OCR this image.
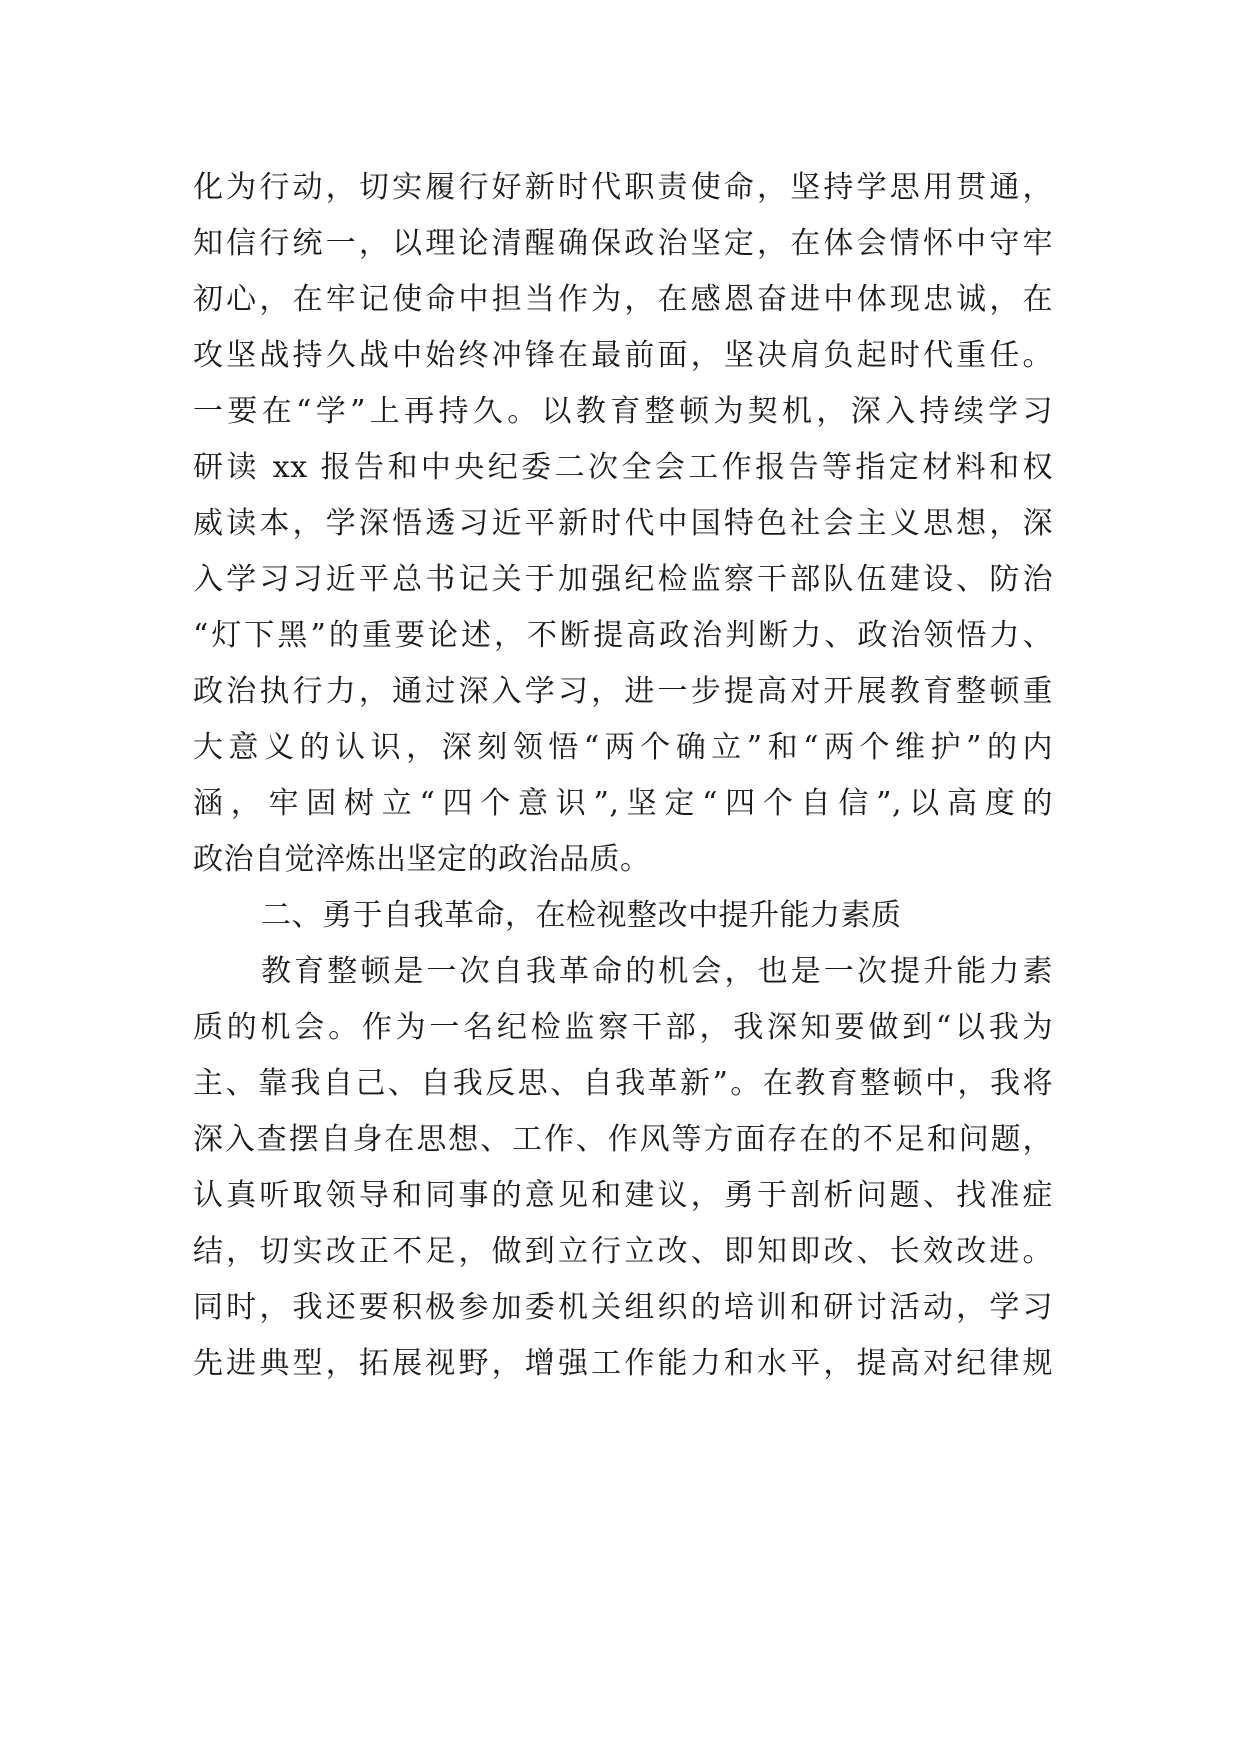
化为行动，切实履行好新时代职责使命，坚持学思用贯通，
知信行统一，以理论清醒确保政治坚定，在体会情怀中守牢
初心，在牢记使命中担当作为，在感恩奋进中体现忠诚，在
攻坚战持久战中始终冲锋在最前面，坚决肩负起时代重任。
一要在“学”上再持久。以教育整顿为契机，深入持续学习
研读 xx 报告和中央纪委二次全会工作报告等指定材料和权
威读本，学深悟透习近平新时代中国特色社会主义思想，深
入学习习近平总书记关于加强纪检监察干部队伍建设、防治
“灯下黑”的重要论述，不断提高政治判断力、政治领悟力、
政治执行力，通过深入学习，进一步提高对开展教育整顿重
大意义的认识，深刻领悟“两个确立”和“两个维护”的内
涵，牢固树立“四个意识”,坚定“四个自信”,以高度的
政治自觉淬炼出坚定的政治品质。
二、勇于自我革命，在检视整改中提升能力素质
教育整顿是一次自我革命的机会，也是一次提升能力素
质的机会。作为一名纪检监察干部，我深知要做到“以我为
主、靠我自己、自我反思、自我革新”。在教育整顿中，我将
深入查摆自身在思想、工作、作风等方面存在的不足和问题，
认真听取领导和同事的意见和建议，勇于剖析问题、找准症
结，切实改正不足，做到立行立改、即知即改、长效改进。
同时，我还要积极参加委机关组织的培训和研讨活动，学习
先进典型，拓展视野，增强工作能力和水平，提高对纪律规
